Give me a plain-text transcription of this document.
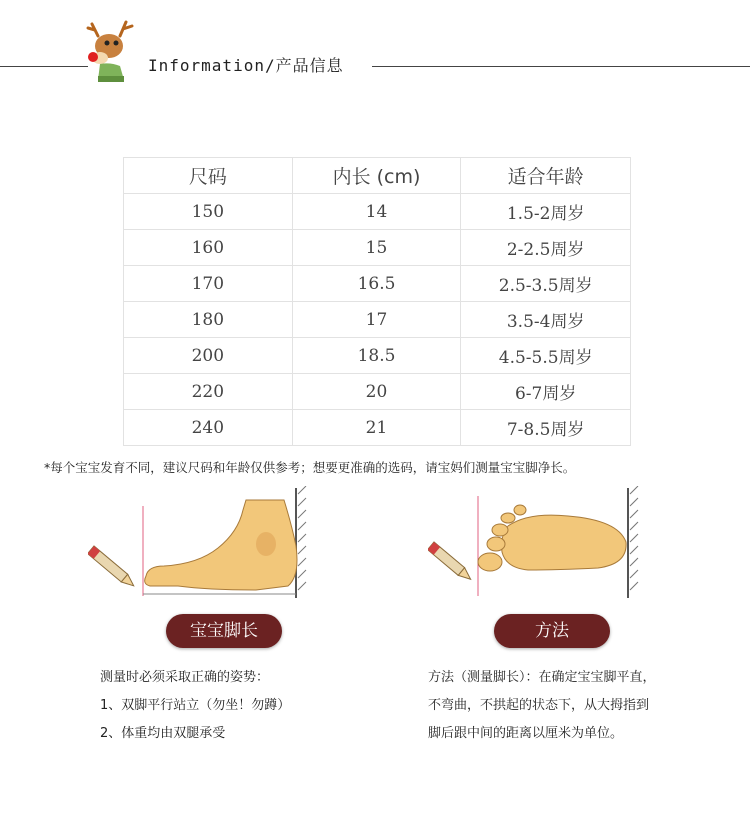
Information/产品信息
尺码	内长 (cm)	适合年龄
150	14	1.5-2周岁
160	15	2-2.5周岁
170	16.5	2.5-3.5周岁
180	17	3.5-4周岁
200	18.5	4.5-5.5周岁
220	20	6-7周岁
240	21	7-8.5周岁
*每个宝宝发育不同，建议尺码和年龄仅供参考；想要更准确的选码，请宝妈们测量宝宝脚净长。
宝宝脚长	方法
测量时必须采取正确的姿势：
1、双脚平行站立（勿坐！勿蹲）
2、体重均由双腿承受
方法（测量脚长）：在确定宝宝脚平直，
不弯曲，不拱起的状态下，从大拇指到
脚后跟中间的距离以厘米为单位。
